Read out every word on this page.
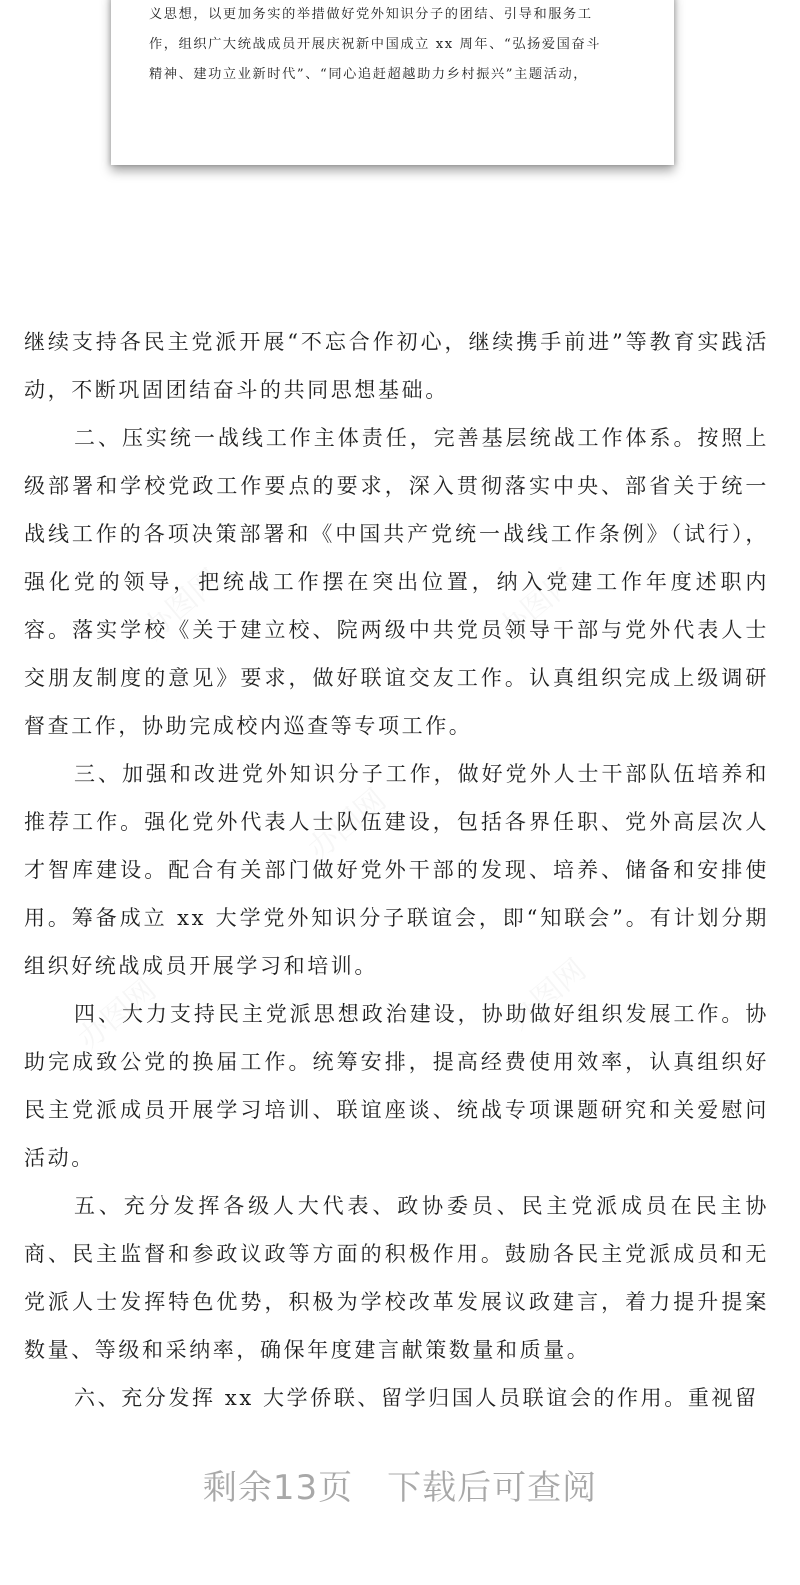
义思想，以更加务实的举措做好党外知识分子的团结、引导和服务工
作，组织广大统战成员开展庆祝新中国成立 xx 周年、“弘扬爱国奋斗
精神、建功立业新时代”、“同心追赶超越助力乡村振兴”主题活动，
办图网	办图网
办图网
办图网	办图网

继续支持各民主党派开展“不忘合作初心，继续携手前进”等教育实践活动，不断巩固团结奋斗的共同思想基础。

二、压实统一战线工作主体责任，完善基层统战工作体系。按照上级部署和学校党政工作要点的要求，深入贯彻落实中央、部省关于统一战线工作的各项决策部署和《中国共产党统一战线工作条例》（试行），强化党的领导，把统战工作摆在突出位置，纳入党建工作年度述职内容。落实学校《关于建立校、院两级中共党员领导干部与党外代表人士交朋友制度的意见》要求，做好联谊交友工作。认真组织完成上级调研督查工作，协助完成校内巡查等专项工作。

三、加强和改进党外知识分子工作，做好党外人士干部队伍培养和推荐工作。强化党外代表人士队伍建设，包括各界任职、党外高层次人才智库建设。配合有关部门做好党外干部的发现、培养、储备和安排使用。筹备成立 xx 大学党外知识分子联谊会，即“知联会”。有计划分期组织好统战成员开展学习和培训。

四、大力支持民主党派思想政治建设，协助做好组织发展工作。协助完成致公党的换届工作。统筹安排，提高经费使用效率，认真组织好民主党派成员开展学习培训、联谊座谈、统战专项课题研究和关爱慰问活动。

五、充分发挥各级人大代表、政协委员、民主党派成员在民主协商、民主监督和参政议政等方面的积极作用。鼓励各民主党派成员和无党派人士发挥特色优势，积极为学校改革发展议政建言，着力提升提案数量、等级和采纳率，确保年度建言献策数量和质量。

六、充分发挥 xx 大学侨联、留学归国人员联谊会的作用。重视留

剩余13页 下载后可查阅
